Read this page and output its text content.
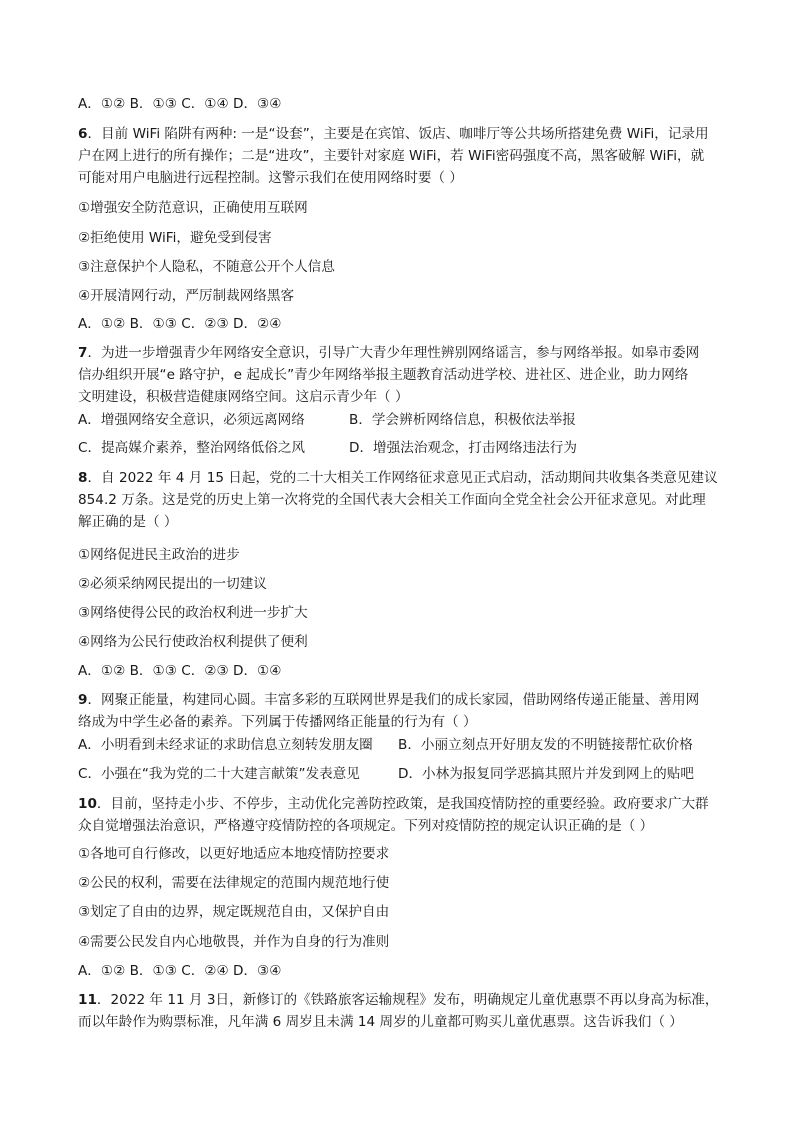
A．①② B．①③ C．①④ D．③④
6．目前 WiFi 陷阱有两种: 一是“设套”，主要是在宾馆、饭店、咖啡厅等公共场所搭建免费 WiFi，记录用
户在网上进行的所有操作；二是“进攻”，主要针对家庭 WiFi，若 WiFi密码强度不高，黑客破解 WiFi，就
可能对用户电脑进行远程控制。这警示我们在使用网络时要（ ）
①增强安全防范意识，正确使用互联网
②拒绝使用 WiFi，避免受到侵害
③注意保护个人隐私，不随意公开个人信息
④开展清网行动，严厉制裁网络黑客
A．①② B．①③ C．②③ D．②④
7．为进一步增强青少年网络安全意识，引导广大青少年理性辨别网络谣言，参与网络举报。如皋市委网
信办组织开展“e 路守护，e 起成长”青少年网络举报主题教育活动进学校、进社区、进企业，助力网络
文明建设，积极营造健康网络空间。这启示青少年（ ）
①网络促进民主政治的进步
②必须采纳网民提出的一切建议
③网络使得公民的政治权利进一步扩大
④网络为公民行使政治权利提供了便利
A．①② B．①③ C．②③ D．①④
9．网聚正能量，构建同心圆。丰富多彩的互联网世界是我们的成长家园，借助网络传递正能量、善用网
络成为中学生必备的素养。下列属于传播网络正能量的行为有（ ）
①各地可自行修改，以更好地适应本地疫情防控要求
②公民的权利，需要在法律规定的范围内规范地行使
③划定了自由的边界，规定既规范自由，又保护自由
④需要公民发自内心地敬畏，并作为自身的行为准则
A．①② B．①③ C．②④ D．③④
11．2022 年 11 月 3日，新修订的《铁路旅客运输规程》发布，明确规定儿童优惠票不再以身高为标准，
而以年龄作为购票标准，凡年满 6 周岁且未满 14 周岁的儿童都可购买儿童优惠票。这告诉我们（ ）
A．增强网络安全意识，必须远离网络	B．学会辨析网络信息，积极依法举报
C．提高媒介素养，整治网络低俗之风	D．增强法治观念，打击网络违法行为
8．自 2022 年 4 月 15 日起，党的二十大相关工作网络征求意见正式启动，活动期间共收集各类意见建议
854.2 万条。这是党的历史上第一次将党的全国代表大会相关工作面向全党全社会公开征求意见。对此理
解正确的是（ ）
A．小明看到未经求证的求助信息立刻转发朋友圈 B．小丽立刻点开好朋友发的不明链接帮忙砍价格
C．小强在“我为党的二十大建言献策”发表意见	D．小林为报复同学恶搞其照片并发到网上的贴吧
10．目前，坚持走小步、不停步，主动优化完善防控政策，是我国疫情防控的重要经验。政府要求广大群
众自觉增强法治意识，严格遵守疫情防控的各项规定。下列对疫情防控的规定认识正确的是（ ）
